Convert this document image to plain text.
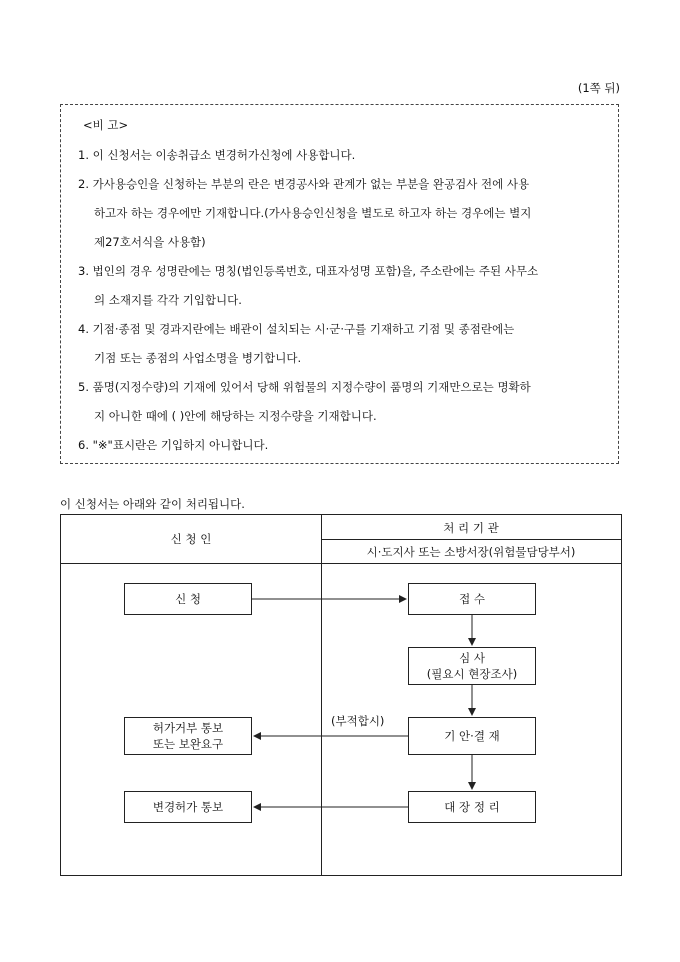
(1쪽 뒤)
<비 고>
1. 이 신청서는 이송취급소 변경허가신청에 사용합니다.
2. 가사용승인을 신청하는 부분의 란은 변경공사와 관계가 없는 부분을 완공검사 전에 사용
하고자 하는 경우에만 기재합니다.(가사용승인신청을 별도로 하고자 하는 경우에는 별지
제27호서식을 사용함)
3. 법인의 경우 성명란에는 명칭(법인등록번호, 대표자성명 포함)을, 주소란에는 주된 사무소
의 소재지를 각각 기입합니다.
4. 기점·종점 및 경과지란에는 배관이 설치되는 시·군·구를 기재하고 기점 및 종점란에는
기점 또는 종점의 사업소명을 병기합니다.
5. 품명(지정수량)의 기재에 있어서 당해 위험물의 지정수량이 품명의 기재만으로는 명확하
지 아니한 때에 ( )안에 해당하는 지정수량을 기재합니다.
6. "※"표시란은 기입하지 아니합니다.
이 신청서는 아래와 같이 처리됩니다.
신 청 인
처 리 기 관
시·도지사 또는 소방서장(위험물담당부서)
신 청	접 수
심 사
(필요시 현장조사)
기 안·결 재
대 장 정 리
허가거부 통보
또는 보완요구
변경허가 통보
(부적합시)
